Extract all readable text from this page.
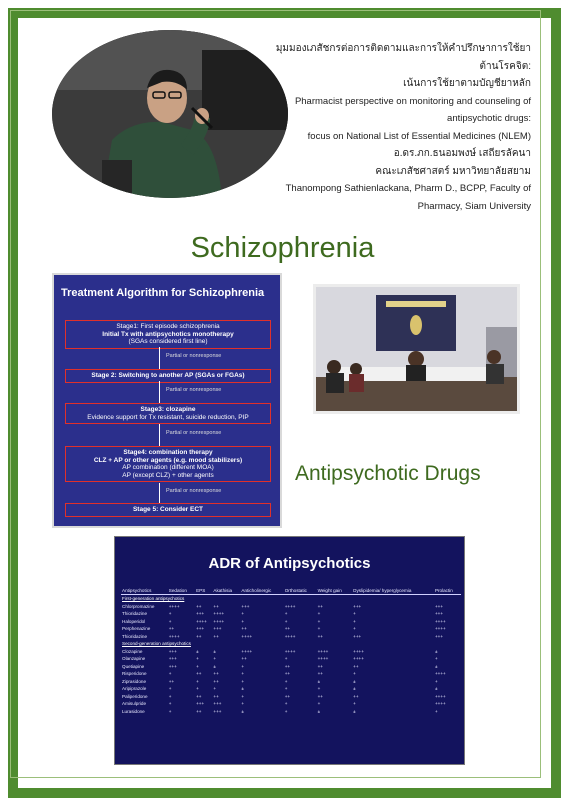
มุมมองเภสัชกรต่อการติดตามและการให้คำปรึกษาการใช้ยาต้านโรคจิต:
เน้นการใช้ยาตามบัญชียาหลัก
Pharmacist perspective on monitoring and counseling of
antipsychotic drugs:
focus on National List of Essential Medicines (NLEM)
อ.ดร.ภก.ธนอมพงษ์ เสถียรลัคนา
คณะเภสัชศาสตร์ มหาวิทยาลัยสยาม
Thanompong Sathienlackana, Pharm D., BCPP, Faculty of
Pharmacy, Siam University
Schizophrenia
Treatment Algorithm for Schizophrenia
Stage1: First episode schizophrenia
Initial Tx with antipsychotics monotherapy
(SGAs considered first line)
Partial or nonresponse
Stage 2: Switching to another AP (SGAs or FGAs)
Partial or nonresponse
Stage3: clozapine
Evidence support for Tx resistant, suicide reduction, PIP
Partial or nonresponse
Stage4: combination therapy
CLZ + AP or other agents (e.g. mood stabilizers)
AP combination (different MOA)
AP (except CLZ) + other agents
Partial or nonresponse
Stage 5: Consider ECT
Antipsychotic Drugs
ADR of Antipsychotics
Antipsychotics	Sedation	EPS	Akathisia	Anticholinergic	Orthostatic	Weight gain	Dyslipidemia/ hyperglycemia	Prolactin
First-generation antipsychotics								
Chlorpromazine	++++	++	++	+++	++++	++	+++	+++
Thioridazine	+	+++	++++	+	+	+	+	+++
Haloperidol	+	++++	++++	+	+	+	+	++++
Perphenazine	++	+++	+++	++	++	+	+	++++
Thioridazine	++++	++	++	++++	++++	++	+++	+++
Second-generation antipsychotics								
Clozapine	+++	±	±	++++	++++	++++	++++	±
Olanzapine	+++	+	+	++	+	++++	++++	+
Quetiapine	+++	+	±	+	++	++	++	±
Risperidone	+	++	++	+	++	++	+	++++
Ziprasidone	++	+	++	+	+	±	±	+
Aripiprazole	+	+	+	±	+	+	±	±
Paliperidone	+	++	++	+	++	++	++	++++
Amisulpride	+	+++	+++	+	+	+	+	++++
Lurasidone	+	++	+++	±	+	±	±	+
